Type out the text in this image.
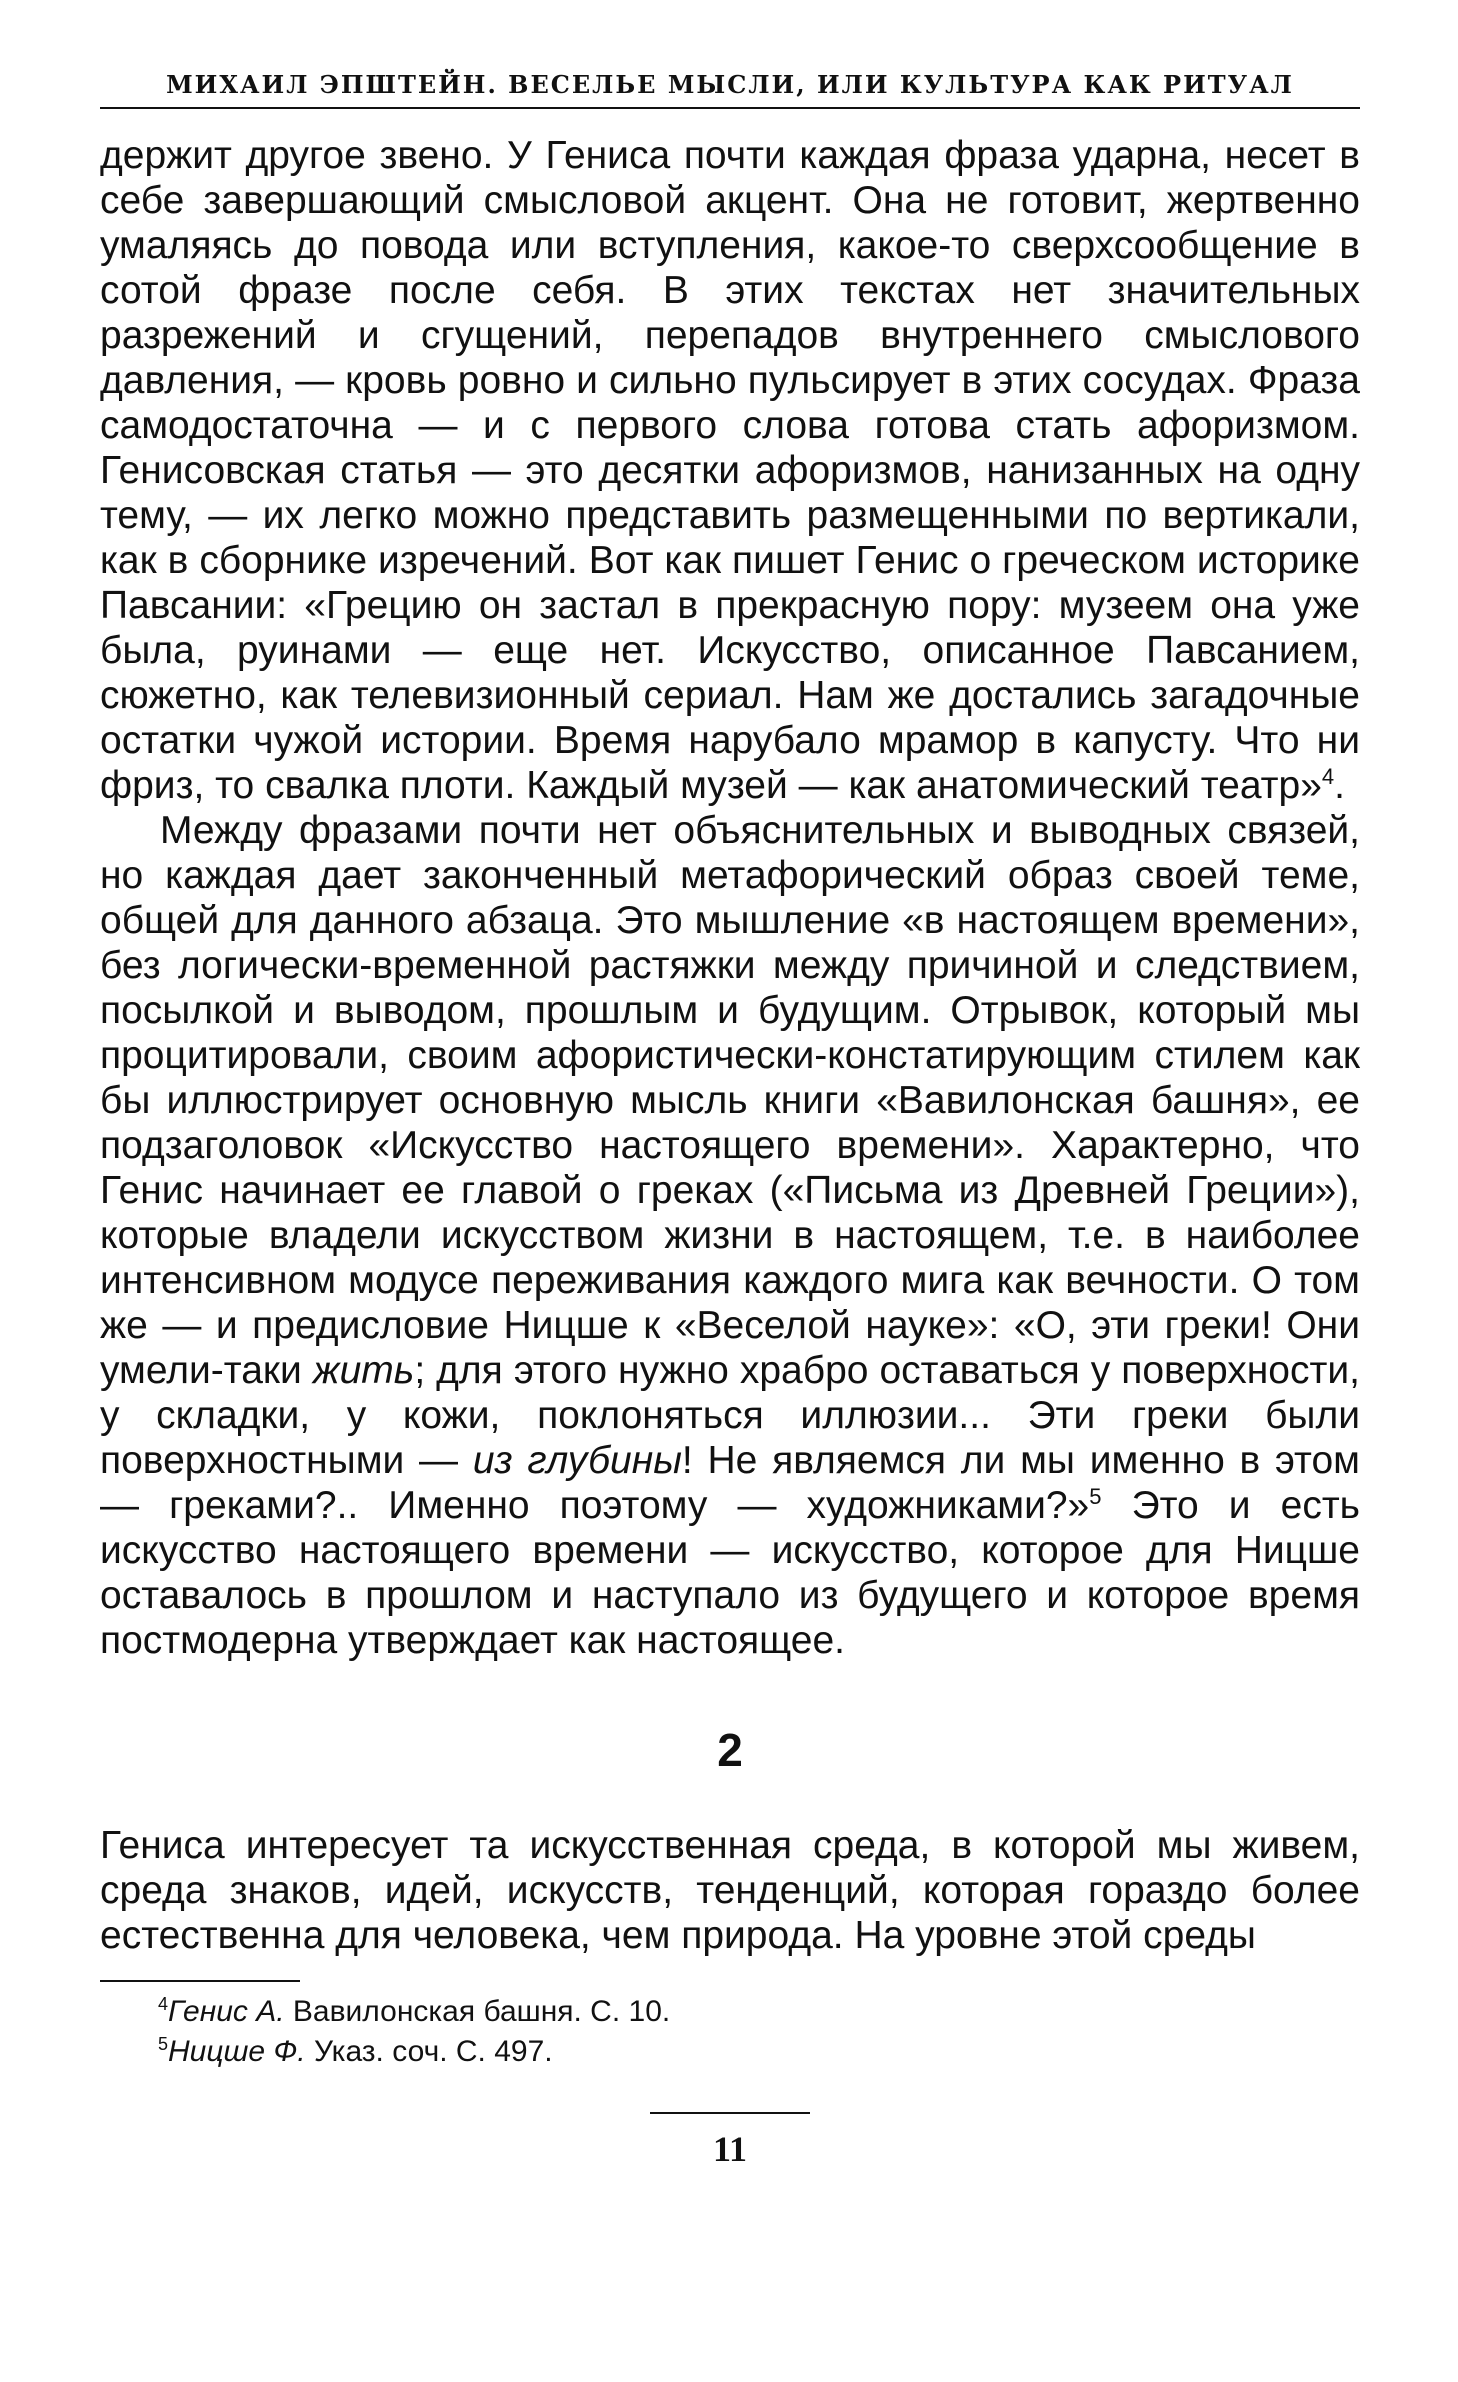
МИХАИЛ ЭПШТЕЙН. ВЕСЕЛЬЕ МЫСЛИ, ИЛИ КУЛЬТУРА КАК РИТУАЛ

держит другое звено. У Гениса почти каждая фраза ударна, несет в себе завершающий смысловой акцент. Она не готовит, жертвенно умаляясь до повода или вступления, какое-то сверхсообщение в сотой фразе после себя. В этих текстах нет значительных разрежений и сгущений, перепадов внутреннего смыслового давления, — кровь ровно и сильно пульсирует в этих сосудах. Фраза самодостаточна — и с первого слова готова стать афоризмом. Генисовская статья — это десятки афоризмов, нанизанных на одну тему, — их легко можно представить размещенными по вертикали, как в сборнике изречений. Вот как пишет Генис о греческом историке Павсании: «Грецию он застал в прекрасную пору: музеем она уже была, руинами — еще нет. Искусство, описанное Павсанием, сюжетно, как телевизионный сериал. Нам же достались загадочные остатки чужой истории. Время нарубало мрамор в капусту. Что ни фриз, то свалка плоти. Каждый музей — как анатомический театр»$^4$.

Между фразами почти нет объяснительных и выводных связей, но каждая дает законченный метафорический образ своей теме, общей для данного абзаца. Это мышление «в настоящем времени», без логически-временной растяжки между причиной и следствием, посылкой и выводом, прошлым и будущим. Отрывок, который мы процитировали, своим афористически-констатирующим стилем как бы иллюстрирует основную мысль книги «Вавилонская башня», ее подзаголовок «Искусство настоящего времени». Характерно, что Генис начинает ее главой о греках («Письма из Древней Греции»), которые владели искусством жизни в настоящем, т.е. в наиболее интенсивном модусе переживания каждого мига как вечности. О том же — и предисловие Ницше к «Веселой науке»: «О, эти греки! Они умели-таки жить; для этого нужно храбро оставаться у поверхности, у складки, у кожи, поклоняться иллюзии... Эти греки были поверхностными — из глубины! Не являемся ли мы именно в этом — греками?.. Именно поэтому — художниками?»$^5$ Это и есть искусство настоящего времени — искусство, которое для Ницше оставалось в прошлом и наступало из будущего и которое время постмодерна утверждает как настоящее.

2

Гениса интересует та искусственная среда, в которой мы живем, среда знаков, идей, искусств, тенденций, которая гораздо более естественна для человека, чем природа. На уровне этой среды

$^4$Генис А. Вавилонская башня. С. 10.
$^5$Ницше Ф. Указ. соч. С. 497.
11
